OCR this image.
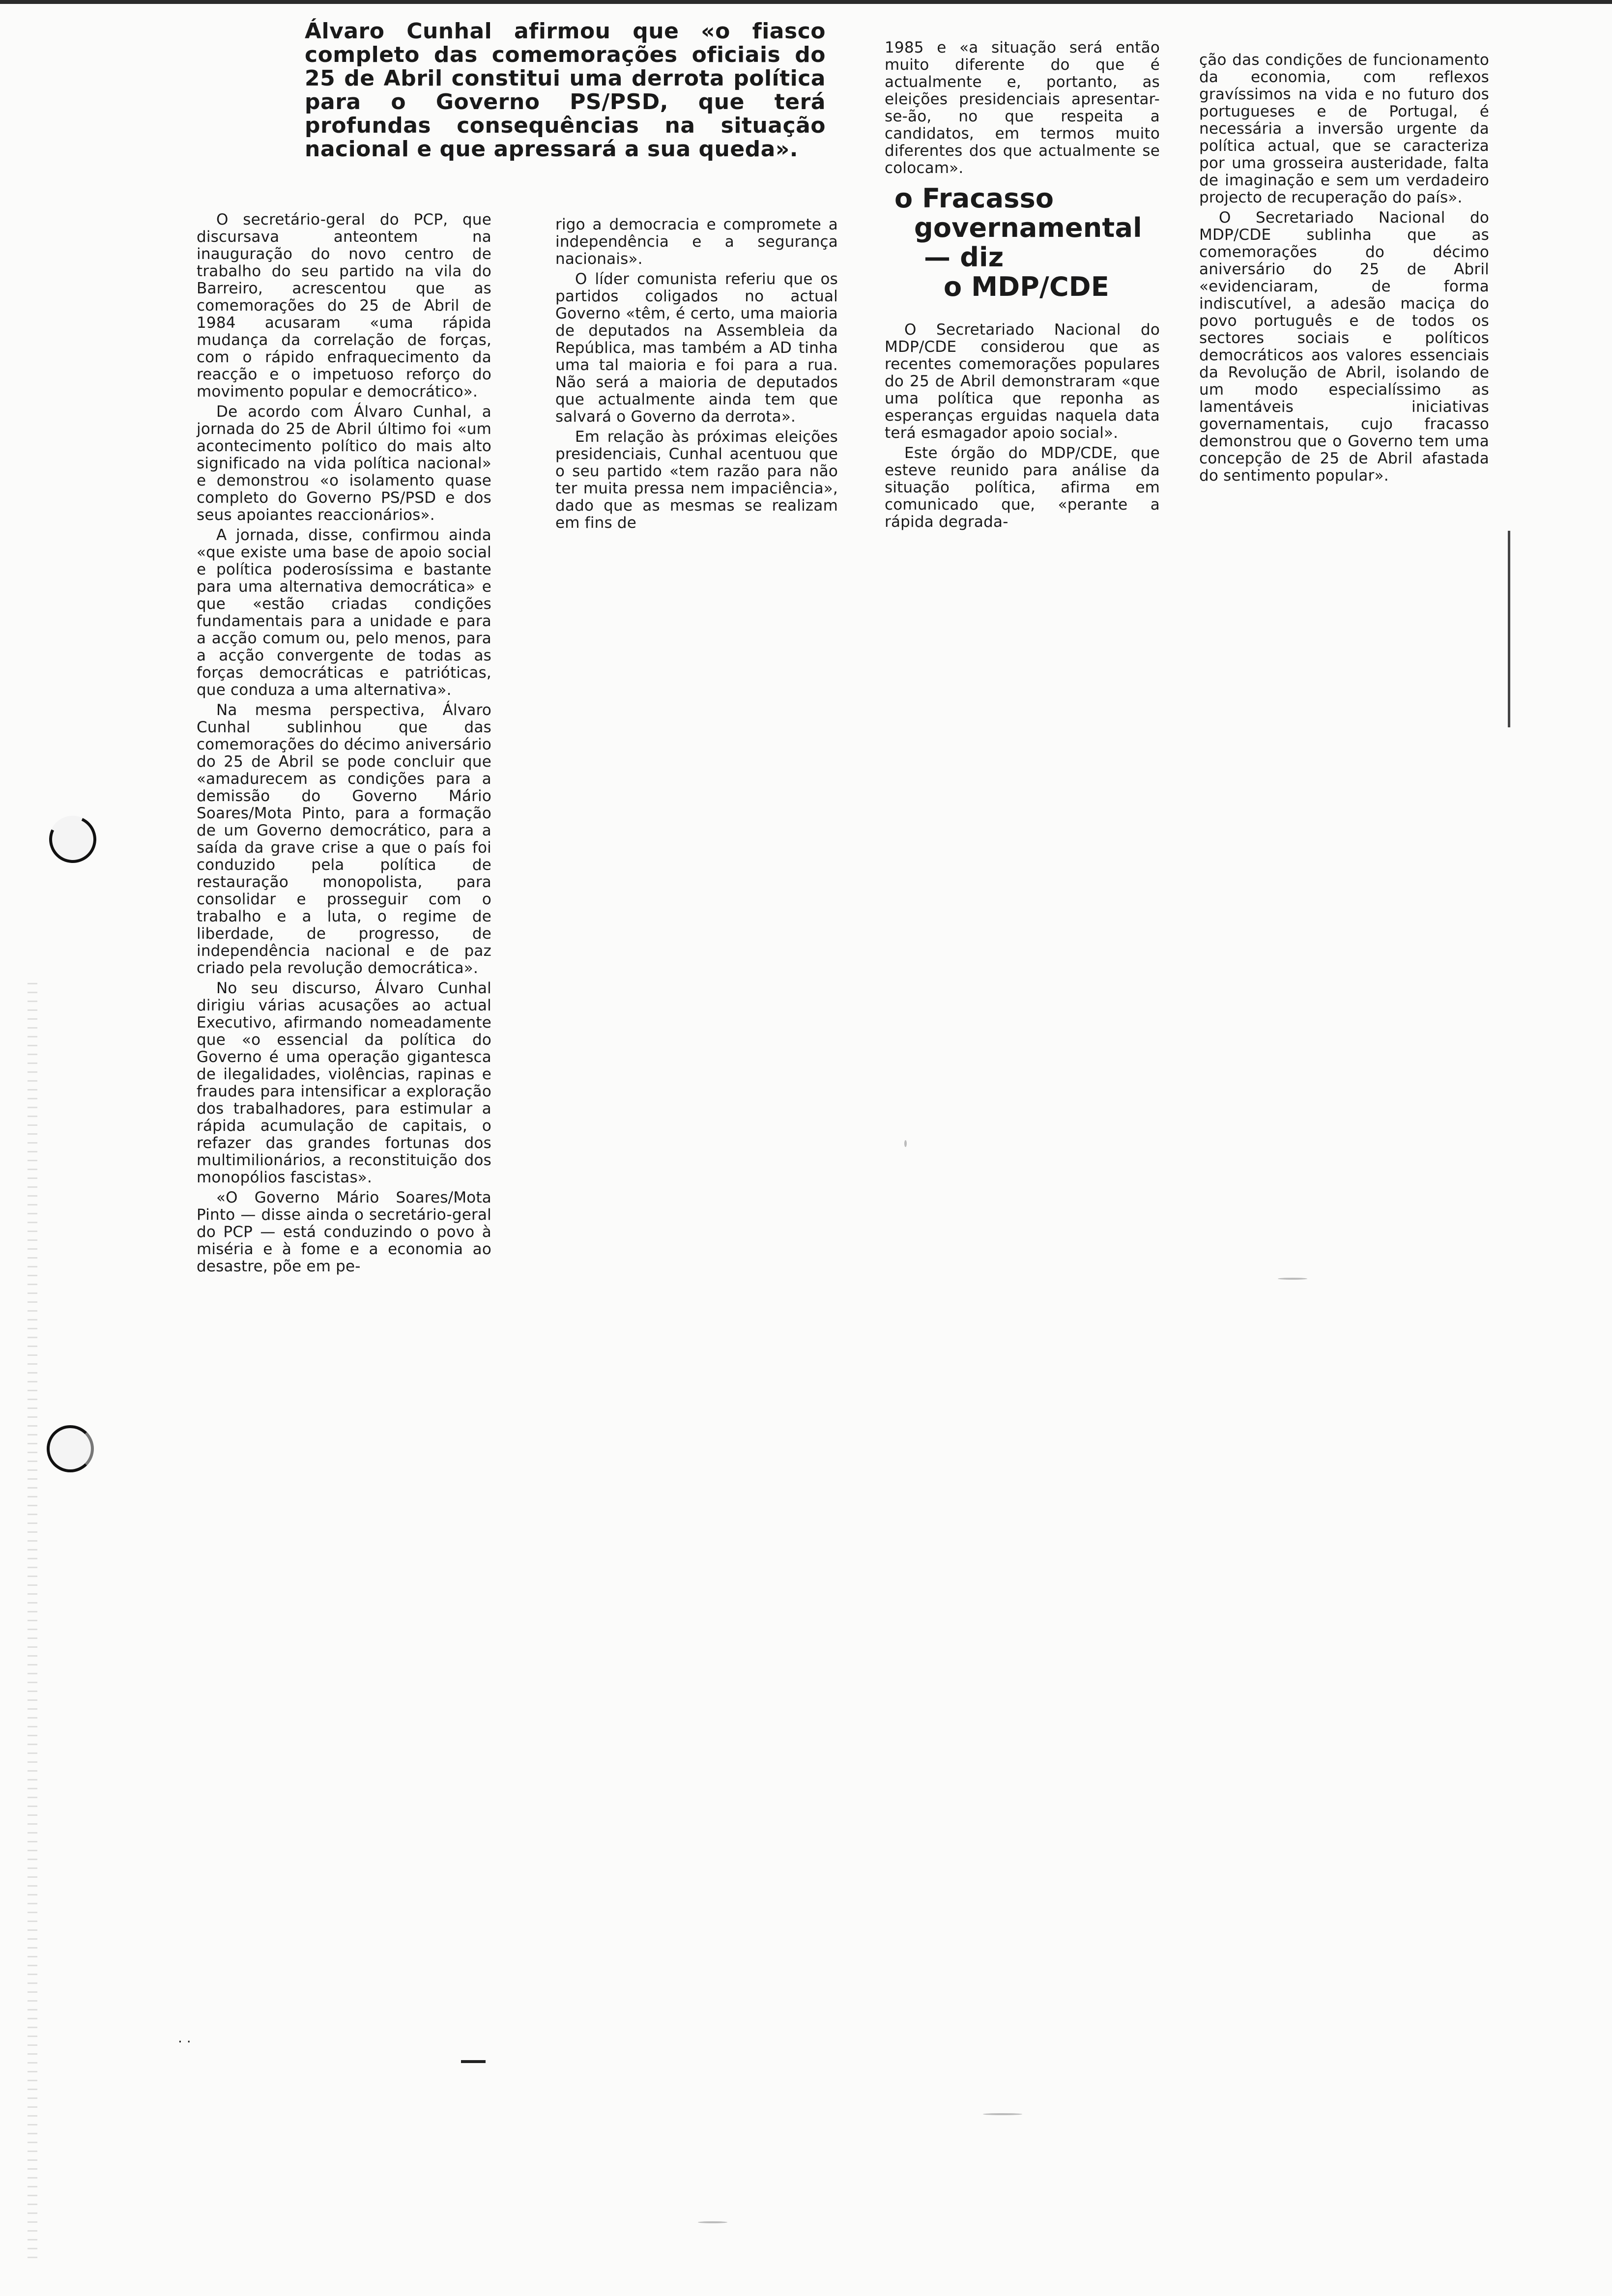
Álvaro Cunhal afirmou que «o fiasco completo das comemorações oficiais do 25 de Abril constitui uma derrota política para o Governo PS/PSD, que terá profundas consequências na situação nacional e que apressará a sua queda».

O secretário-geral do PCP, que discursava anteontem na inauguração do novo centro de trabalho do seu partido na vila do Barreiro, acrescentou que as comemorações do 25 de Abril de 1984 acusaram «uma rápida mudança da correlação de forças, com o rápido enfraquecimento da reacção e o impetuoso reforço do movimento popular e democrático».

De acordo com Álvaro Cunhal, a jornada do 25 de Abril último foi «um acontecimento político do mais alto significado na vida política nacional» e demonstrou «o isolamento quase completo do Governo PS/PSD e dos seus apoiantes reaccionários».

A jornada, disse, confirmou ainda «que existe uma base de apoio social e política poderosíssima e bastante para uma alternativa democrática» e que «estão criadas condições fundamentais para a unidade e para a acção comum ou, pelo menos, para a acção convergente de todas as forças democráticas e patrióticas, que conduza a uma alternativa».

Na mesma perspectiva, Álvaro Cunhal sublinhou que das comemorações do décimo aniversário do 25 de Abril se pode concluir que «amadurecem as condições para a demissão do Governo Mário Soares/Mota Pinto, para a formação de um Governo democrático, para a saída da grave crise a que o país foi conduzido pela política de restauração monopolista, para consolidar e prosseguir com o trabalho e a luta, o regime de liberdade, de progresso, de independência nacional e de paz criado pela revolução democrática».

No seu discurso, Álvaro Cunhal dirigiu várias acusações ao actual Executivo, afirmando nomeadamente que «o essencial da política do Governo é uma operação gigantesca de ilegalidades, violências, rapinas e fraudes para intensificar a exploração dos trabalhadores, para estimular a rápida acumulação de capitais, o refazer das grandes fortunas dos multimilionários, a reconstituição dos monopólios fascistas».

«O Governo Mário Soares/Mota Pinto — disse ainda o secretário-geral do PCP — está conduzindo o povo à miséria e à fome e a economia ao desastre, põe em pe-

. .

rigo a democracia e compromete a independência e a segurança nacionais».

O líder comunista referiu que os partidos coligados no actual Governo «têm, é certo, uma maioria de deputados na Assembleia da República, mas também a AD tinha uma tal maioria e foi para a rua. Não será a maioria de deputados que actualmente ainda tem que salvará o Governo da derrota».

Em relação às próximas eleições presidenciais, Cunhal acentuou que o seu partido «tem razão para não ter muita pressa nem impaciência», dado que as mesmas se realizam em fins de

1985 e «a situação será então muito diferente do que é actualmente e, portanto, as eleições presidenciais apresentar-se-ão, no que respeita a candidatos, em termos muito diferentes dos que actualmente se colocam».

o Fracasso
governamental
— diz
o MDP/CDE

O Secretariado Nacional do MDP/CDE considerou que as recentes comemorações populares do 25 de Abril demonstraram «que uma política que reponha as esperanças erguidas naquela data terá esmagador apoio social».

Este órgão do MDP/CDE, que esteve reunido para análise da situação política, afirma em comunicado que, «perante a rápida degrada-

ção das condições de funcionamento da economia, com reflexos gravíssimos na vida e no futuro dos portugueses e de Portugal, é necessária a inversão urgente da política actual, que se caracteriza por uma grosseira austeridade, falta de imaginação e sem um verdadeiro projecto de recuperação do país».

O Secretariado Nacional do MDP/CDE sublinha que as comemorações do décimo aniversário do 25 de Abril «evidenciaram, de forma indiscutível, a adesão maciça do povo português e de todos os sectores sociais e políticos democráticos aos valores essenciais da Revolução de Abril, isolando de um modo especialíssimo as lamentáveis iniciativas governamentais, cujo fracasso demonstrou que o Governo tem uma concepção de 25 de Abril afastada do sentimento popular».
